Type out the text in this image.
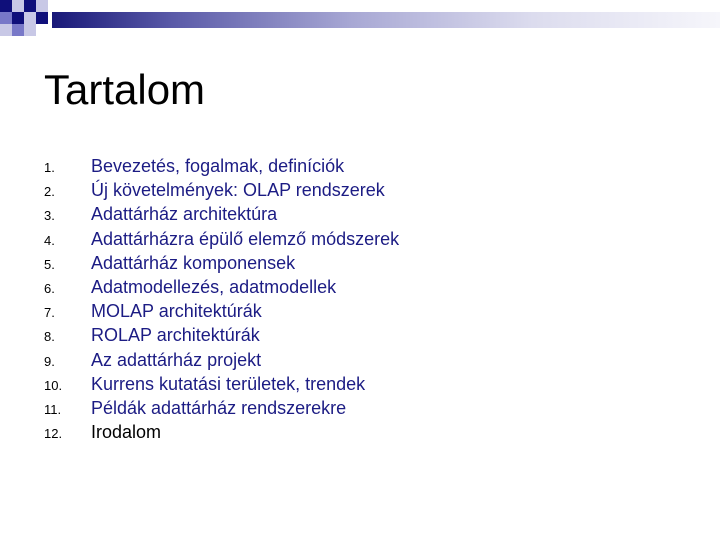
Tartalom
1.	Bevezetés, fogalmak, definíciók
2.	Új követelmények: OLAP rendszerek
3.	Adattárház architektúra
4.	Adattárházra épülő elemző módszerek
5.	Adattárház komponensek
6.	Adatmodellezés, adatmodellek
7.	MOLAP architektúrák
8.	ROLAP architektúrák
9.	Az adattárház projekt
10.	Kurrens kutatási területek, trendek
11.	Példák adattárház rendszerekre
12.	Irodalom
